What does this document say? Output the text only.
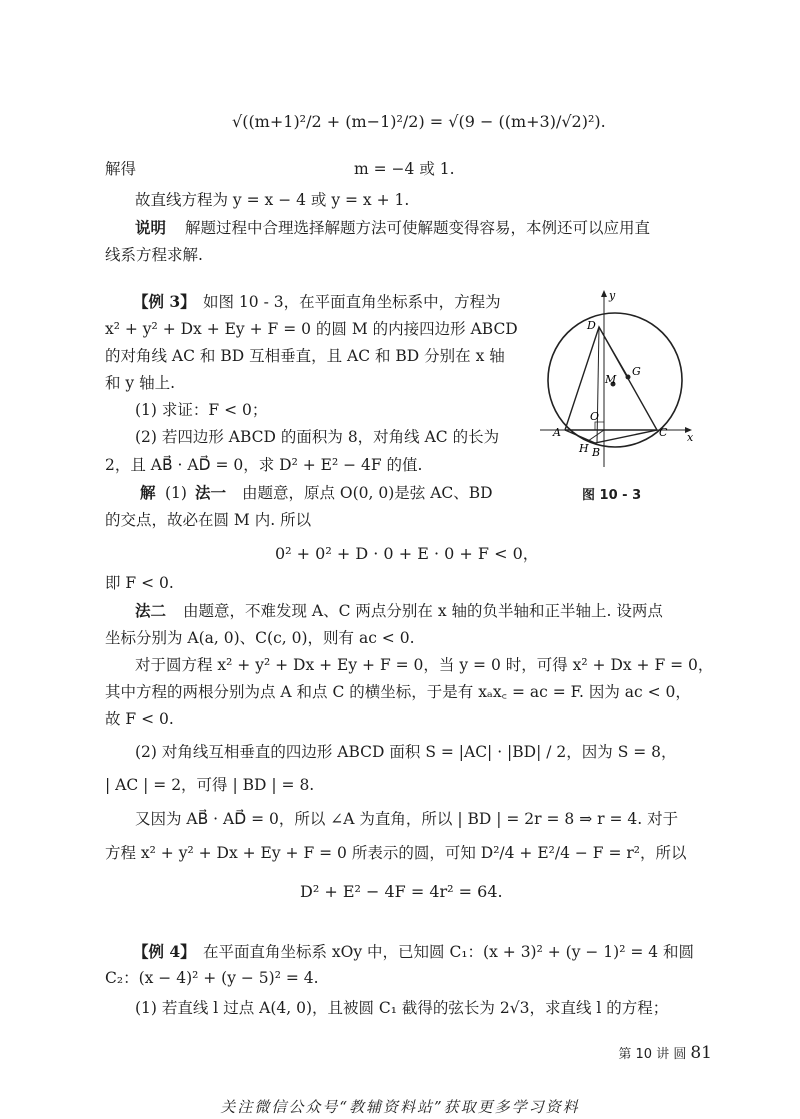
√((m+1)²/2 + (m−1)²/2) = √(9 − ((m+3)/√2)²).
解得	m = −4 或 1.
故直线方程为 y = x − 4 或 y = x + 1.
说明 解题过程中合理选择解题方法可使解题变得容易，本例还可以应用直
线系方程求解.
【例 3】 如图 10 - 3，在平面直角坐标系中，方程为
x² + y² + Dx + Ey + F = 0 的圆 M 的内接四边形 ABCD
的对角线 AC 和 BD 互相垂直，且 AC 和 BD 分别在 x 轴
和 y 轴上.
(1) 求证：F < 0；
(2) 若四边形 ABCD 的面积为 8，对角线 AC 的长为
2，且 AB⃗ · AD⃗ = 0，求 D² + E² − 4F 的值.
解 (1) 法一 由题意，原点 O(0, 0)是弦 AC、BD
的交点，故必在圆 M 内. 所以
0² + 0² + D · 0 + E · 0 + F < 0，
即 F < 0.
法二 由题意，不难发现 A、C 两点分别在 x 轴的负半轴和正半轴上. 设两点
坐标分别为 A(a, 0)、C(c, 0)，则有 ac < 0.
对于圆方程 x² + y² + Dx + Ey + F = 0，当 y = 0 时，可得 x² + Dx + F = 0，
其中方程的两根分别为点 A 和点 C 的横坐标，于是有 xₐx꜀ = ac = F. 因为 ac < 0，
故 F < 0.
(2) 对角线互相垂直的四边形 ABCD 面积 S = |AC| · |BD| / 2，因为 S = 8，
| AC | = 2，可得 | BD | = 8.
又因为 AB⃗ · AD⃗ = 0，所以 ∠A 为直角，所以 | BD | = 2r = 8 ⇒ r = 4. 对于
方程 x² + y² + Dx + Ey + F = 0 所表示的圆，可知 D²/4 + E²/4 − F = r²，所以
D² + E² − 4F = 4r² = 64.
【例 4】 在平面直角坐标系 xOy 中，已知圆 C₁：(x + 3)² + (y − 1)² = 4 和圆
C₂：(x − 4)² + (y − 5)² = 4.
(1) 若直线 l 过点 A(4, 0)，且被圆 C₁ 截得的弦长为 2√3，求直线 l 的方程；
y
x
D
M
G
O
A	C
H B
图 10 - 3
第 10 讲 圆 81
关注微信公众号“教辅资料站”获取更多学习资料
